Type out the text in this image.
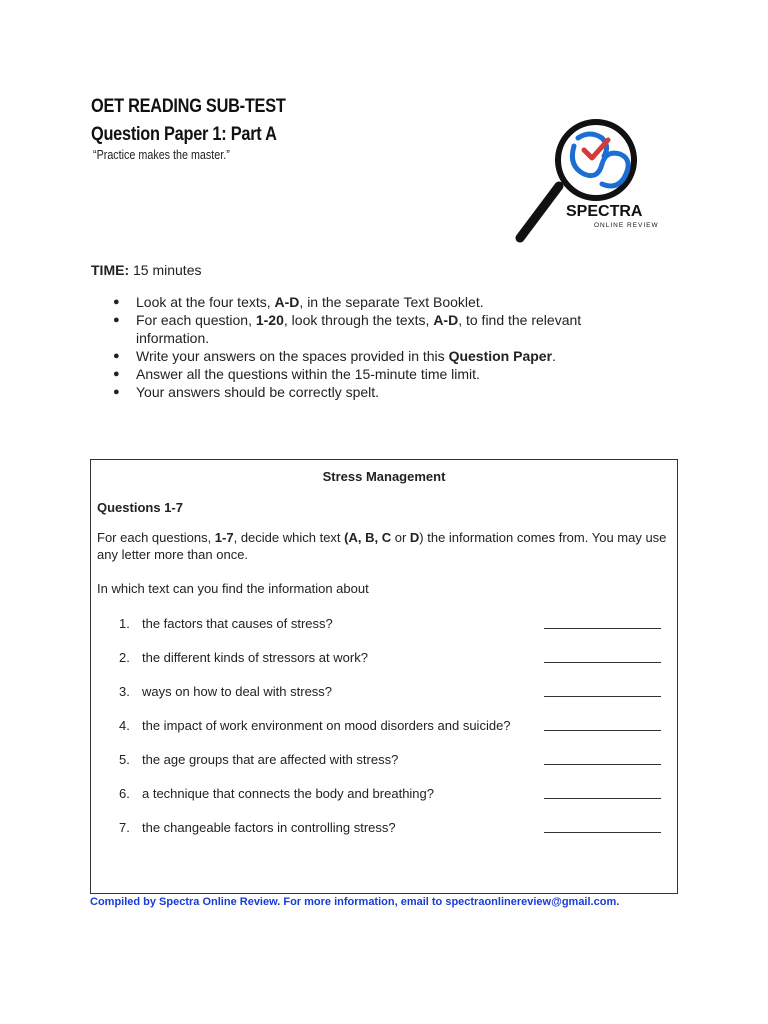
OET READING SUB-TEST
Question Paper 1: Part A
“Practice makes the master.”
SPECTRA
ONLINE REVIEW
TIME: 15 minutes
● Look at the four texts, A-D, in the separate Text Booklet.
● For each question, 1-20, look through the texts, A-D, to find the relevant information.
● Write your answers on the spaces provided in this Question Paper.
● Answer all the questions within the 15-minute time limit.
● Your answers should be correctly spelt.
Stress Management
Questions 1-7
For each questions, 1-7, decide which text (A, B, C or D) the information comes from. You may use any letter more than once.
In which text can you find the information about
1. the factors that causes of stress?
2. the different kinds of stressors at work?
3. ways on how to deal with stress?
4. the impact of work environment on mood disorders and suicide?
5. the age groups that are affected with stress?
6. a technique that connects the body and breathing?
7. the changeable factors in controlling stress?
Compiled by Spectra Online Review. For more information, email to spectraonlinereview@gmail.com.
